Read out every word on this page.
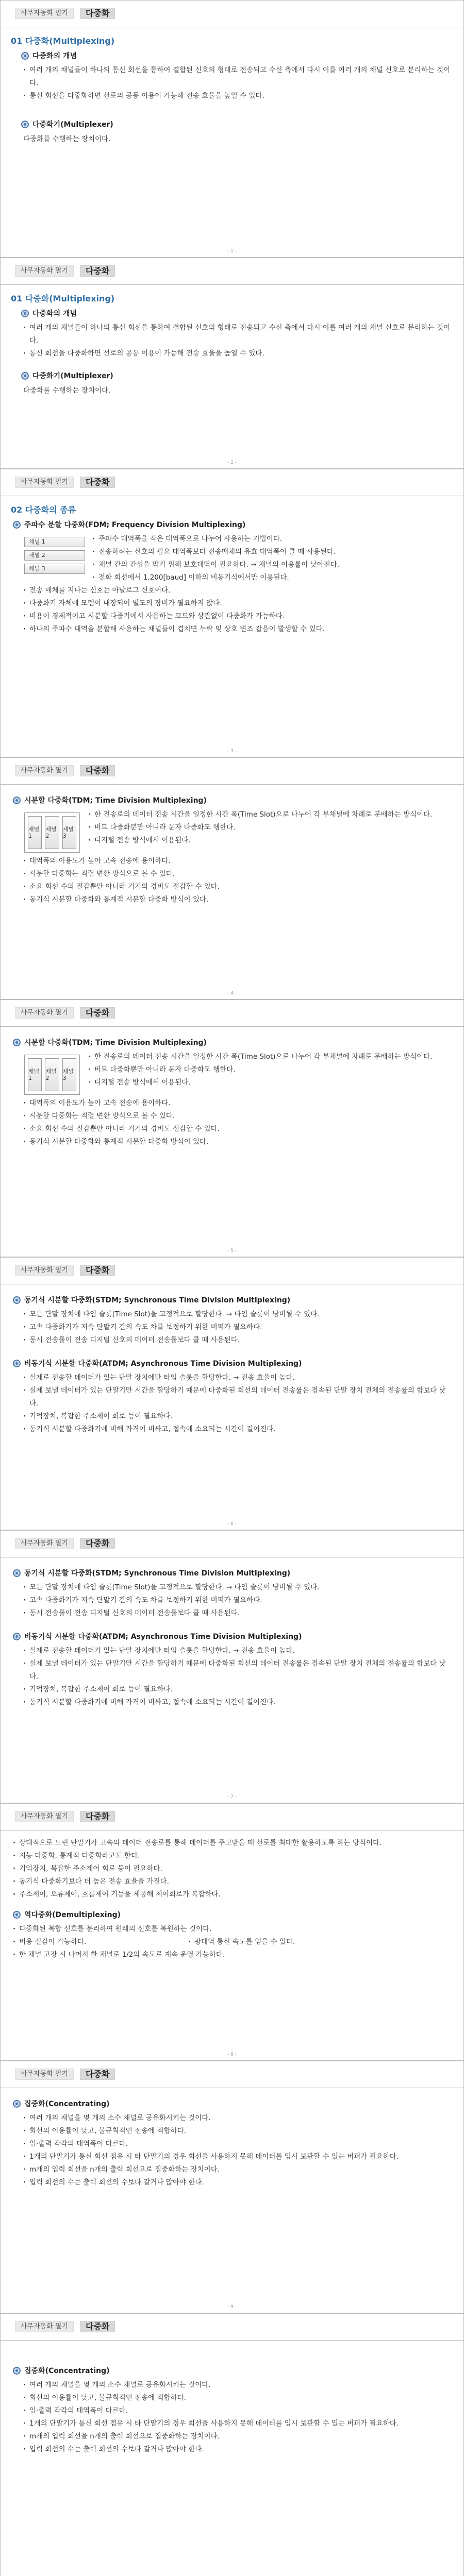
사무자동화 필기	다중화
01 다중화(Multiplexing)
다중화의 개념
· 여러 개의 채널들이 하나의 통신 회선을 통하여 결합된 신호의 형태로 전송되고 수신 측에서 다시 이를 여러 개의 채널 신호로 분리하는 것이다.
· 통신 회선을 다중화하면 선로의 공동 이용이 가능해 전송 효율을 높일 수 있다.
다중화기(Multiplexer)
다중화를 수행하는 장치이다.
- 1 -
사무자동화 필기	다중화
01 다중화(Multiplexing)
다중화의 개념
· 여러 개의 채널들이 하나의 통신 회선을 통하여 결합된 신호의 형태로 전송되고 수신 측에서 다시 이를 여러 개의 채널 신호로 분리하는 것이다.
· 통신 회선을 다중화하면 선로의 공동 이용이 가능해 전송 효율을 높일 수 있다.
다중화기(Multiplexer)
다중화를 수행하는 장치이다.
- 2 -
사무자동화 필기	다중화
02 다중화의 종류
주파수 분할 다중화(FDM; Frequency Division Multiplexing)
채널 1
채널 2
채널 3
· 주파수 대역폭을 작은 대역폭으로 나누어 사용하는 기법이다.
· 전송하려는 신호의 필요 대역폭보다 전송매체의 유효 대역폭이 클 때 사용된다.
· 채널 간의 간섭을 막기 위해 보호대역이 필요하다. → 채널의 이용률이 낮아진다.
· 전화 회선에서 1,200[baud] 이하의 비동기식에서만 이용된다.
· 전송 매체를 지나는 신호는 아날로그 신호이다.
· 다중화기 자체에 모뎀이 내장되어 별도의 장비가 필요하지 않다.
· 비용이 경제적이고 시분할 다중기에서 사용하는 코드와 상관없이 다중화가 가능하다.
· 하나의 주파수 대역을 분할해 사용하는 채널들이 겹치면 누락 및 상호 변조 잡음이 발생할 수 있다.
- 3 -
사무자동화 필기	다중화
시분할 다중화(TDM; Time Division Multiplexing)
채널 1
채널 2
채널 3
· 한 전송로의 데이터 전송 시간을 일정한 시간 폭(Time Slot)으로 나누어 각 부채널에 차례로 분배하는 방식이다.
· 비트 다중화뿐만 아니라 문자 다중화도 행한다.
· 디지털 전송 방식에서 이용된다.
· 대역폭의 이용도가 높아 고속 전송에 용이하다.
· 시분할 다중화는 직렬 변환 방식으로 볼 수 있다.
· 소요 회선 수의 절감뿐만 아니라 기기의 경비도 절감할 수 있다.
· 동기식 시분할 다중화와 통계적 시분할 다중화 방식이 있다.
- 4 -
사무자동화 필기	다중화
시분할 다중화(TDM; Time Division Multiplexing)
채널 1
채널 2
채널 3
· 한 전송로의 데이터 전송 시간을 일정한 시간 폭(Time Slot)으로 나누어 각 부채널에 차례로 분배하는 방식이다.
· 비트 다중화뿐만 아니라 문자 다중화도 행한다.
· 디지털 전송 방식에서 이용된다.
· 대역폭의 이용도가 높아 고속 전송에 용이하다.
· 시분할 다중화는 직렬 변환 방식으로 볼 수 있다.
· 소요 회선 수의 절감뿐만 아니라 기기의 경비도 절감할 수 있다.
· 동기식 시분할 다중화와 통계적 시분할 다중화 방식이 있다.
- 5 -
사무자동화 필기	다중화
동기식 시분할 다중화(STDM; Synchronous Time Division Multiplexing)
· 모든 단말 장치에 타임 슬롯(Time Slot)을 고정적으로 할당한다. → 타임 슬롯이 낭비될 수 있다.
· 고속 다중화기가 저속 단말기 간의 속도 차를 보정하기 위한 버퍼가 필요하다.
· 동시 전송률이 전송 디지털 신호의 데이터 전송률보다 클 때 사용된다.
비동기식 시분할 다중화(ATDM; Asynchronous Time Division Multiplexing)
· 실제로 전송할 데이터가 있는 단말 장치에만 타임 슬롯을 할당한다. → 전송 효율이 높다.
· 실제 보낼 데이터가 있는 단말기만 시간을 할당하기 때문에 다중화된 회선의 데이터 전송률은 접속된 단말 장치 전체의 전송률의 합보다 낮다.
· 기억장치, 복잡한 주소제어 회로 등이 필요하다.
· 동기식 시분할 다중화기에 비해 가격이 비싸고, 접속에 소요되는 시간이 길어진다.
- 6 -
사무자동화 필기	다중화
동기식 시분할 다중화(STDM; Synchronous Time Division Multiplexing)
· 모든 단말 장치에 타임 슬롯(Time Slot)을 고정적으로 할당한다. → 타임 슬롯이 낭비될 수 있다.
· 고속 다중화기가 저속 단말기 간의 속도 차를 보정하기 위한 버퍼가 필요하다.
· 동시 전송률이 전송 디지털 신호의 데이터 전송률보다 클 때 사용된다.
비동기식 시분할 다중화(ATDM; Asynchronous Time Division Multiplexing)
· 실제로 전송할 데이터가 있는 단말 장치에만 타임 슬롯을 할당한다. → 전송 효율이 높다.
· 실제 보낼 데이터가 있는 단말기만 시간을 할당하기 때문에 다중화된 회선의 데이터 전송률은 접속된 단말 장치 전체의 전송률의 합보다 낮다.
· 기억장치, 복잡한 주소제어 회로 등이 필요하다.
· 동기식 시분할 다중화기에 비해 가격이 비싸고, 접속에 소요되는 시간이 길어진다.
- 7 -
사무자동화 필기	다중화
· 상대적으로 느린 단말기가 고속의 데이터 전송로를 통해 데이터를 주고받을 때 선로를 최대한 활용하도록 하는 방식이다.
· 지능 다중화, 통계적 다중화라고도 한다.
· 기억장치, 복잡한 주소제어 회로 등이 필요하다.
· 동기식 다중화기보다 더 높은 전송 효율을 가진다.
· 주소제어, 오류제어, 흐름제어 기능을 제공해 제어회로가 복잡하다.
역다중화(Demultiplexing)
· 다중화된 복합 신호를 분리하여 원래의 신호를 복원하는 것이다.
· 비용 절감이 가능하다.
·	광대역 통신 속도를 얻을 수 있다.
· 한 채널 고장 시 나머지 한 채널로 1/2의 속도로 계속 운영 가능하다.
- 8 -
사무자동화 필기	다중화
집중화(Concentrating)
· 여러 개의 채널을 몇 개의 소수 채널로 공유화시키는 것이다.
· 회선의 이용률이 낮고, 불규칙적인 전송에 적합하다.
· 입·출력 각각의 대역폭이 다르다.
· 1개의 단말기가 통신 회선 점유 시 타 단말기의 경우 회선을 사용하지 못해 데이터를 임시 보관할 수 있는 버퍼가 필요하다.
· m개의 입력 회선을 n개의 출력 회선으로 집중화하는 장치이다.
· 입력 회선의 수는 출력 회선의 수보다 같거나 많아야 한다.
- 9 -
사무자동화 필기	다중화
집중화(Concentrating)
· 여러 개의 채널을 몇 개의 소수 채널로 공유화시키는 것이다.
· 회선의 이용률이 낮고, 불규칙적인 전송에 적합하다.
· 입·출력 각각의 대역폭이 다르다.
· 1개의 단말기가 통신 회선 점유 시 타 단말기의 경우 회선을 사용하지 못해 데이터를 임시 보관할 수 있는 버퍼가 필요하다.
· m개의 입력 회선을 n개의 출력 회선으로 집중화하는 장치이다.
· 입력 회선의 수는 출력 회선의 수보다 같거나 많아야 한다.
